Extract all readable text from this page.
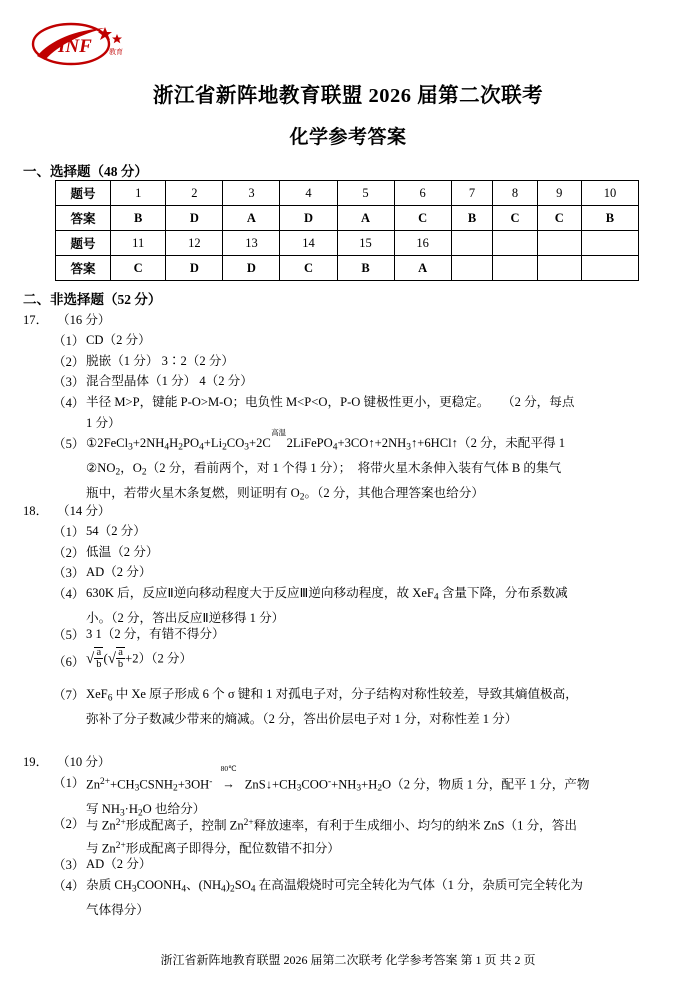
INF 教育
浙江省新阵地教育联盟 2026 届第二次联考
化学参考答案
一、选择题（48 分）
题号	1	2	3	4	5	6	7	8	9	10
答案	B	D	A	D	A	C	B	C	C	B
题号	11	12	13	14	15	16				
答案	C	D	D	C	B	A				
二、非选择题（52 分）
17． （16 分）
（1） CD（2 分）
（2） 脱嵌（1 分） 3∶2（2 分）
（3） 混合型晶体（1 分） 4（2 分）
（4） 半径 M>P，键能 P-O>M-O；电负性 M<P<O，P-O 键极性更小，更稳定。    （2 分，每点
1 分）
（5） $①2FeCl_3+2NH_4H_2PO_4+Li_2CO_3+2C$
高温
$2LiFePO_4+3CO↑+2NH_3↑+6HCl↑(2$ 分，未配平得 1
$②NO_2$，$O_2(2$ 分，看前两个，对 1 个得 1 分）；  将带火星木条伸入装有气体 B 的集气
瓶中，若带火星木条复燃，则证明有 $O_2$。（2 分，其他合理答案也给分）
18． （14 分）
（1） 54（2 分）
（2） 低温（2 分）
（3） AD（2 分）
（4） 630K 后，反应Ⅱ逆向移动程度大于反应Ⅲ逆向移动程度，故 XeF$_4$ 含量下降，分布系数减
小。（2 分，答出反应Ⅱ逆移得 1 分）
（5） 3 1（2 分，有错不得分）
（6） √ $\frac{a}{b}$ (√ $\frac{a}{b} +2)(2$ 分）
（7） XeF$_6$ 中 Xe 原子形成 6 个 σ 键和 1 对孤电子对，分子结构对称性较差，导致其熵值极高，
弥补了分子数减少带来的熵减。（2 分，答出价层电子对 1 分，对称性差 1 分）
19． （10 分）
（1） $Zn^{2+}+CH_3CSNH_2+3OH^-$
80℃
→ $ZnS↓+CH_3COO^-+NH_3+H_2O(2$ 分，物质 1 分，配平 1 分，产物
写 $NH_3\cdot H_2O$ 也给分）
（2） 与 $Zn^{2+}$形成配离子，控制 $Zn^{2+}$释放速率，有利于生成细小、均匀的纳米 ZnS（1 分，答出
与 $Zn^{2+}$形成配离子即得分，配位数错不扣分）
（3） AD（2 分）
（4） 杂质 $CH_3COONH_4$、$(NH_4)_2SO_4$ 在高温煅烧时可完全转化为气体（1 分，杂质可完全转化为
气体得分）
浙江省新阵地教育联盟 2026 届第二次联考 化学参考答案 第 1 页 共 2 页
